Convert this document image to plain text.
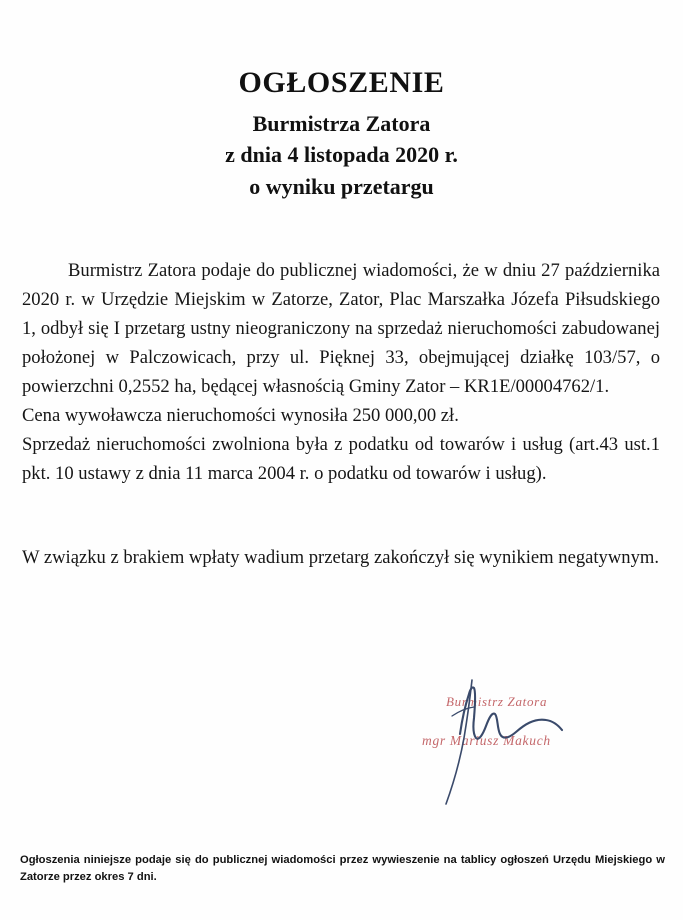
OGŁOSZENIE
Burmistrza Zatora
z dnia 4 listopada 2020 r.
o wyniku przetargu

Burmistrz Zatora podaje do publicznej wiadomości, że w dniu 27 października 2020 r. w Urzędzie Miejskim w Zatorze, Zator, Plac Marszałka Józefa Piłsudskiego 1, odbył się I przetarg ustny nieograniczony na sprzedaż nieruchomości zabudowanej położonej w Palczowicach, przy ul. Pięknej 33, obejmującej działkę 103/57, o powierzchni 0,2552 ha, będącej własnością Gminy Zator – KR1E/00004762/1.

Cena wywoławcza nieruchomości wynosiła 250 000,00 zł.

Sprzedaż nieruchomości zwolniona była z podatku od towarów i usług (art.43 ust.1 pkt. 10 ustawy z dnia 11 marca 2004 r. o podatku od towarów i usług).

W związku z brakiem wpłaty wadium przetarg zakończył się wynikiem negatywnym.

Burmistrz Zatora
mgr Mariusz Makuch
Ogłoszenia niniejsze podaje się do publicznej wiadomości przez wywieszenie na tablicy ogłoszeń Urzędu Miejskiego w Zatorze przez okres 7 dni.
